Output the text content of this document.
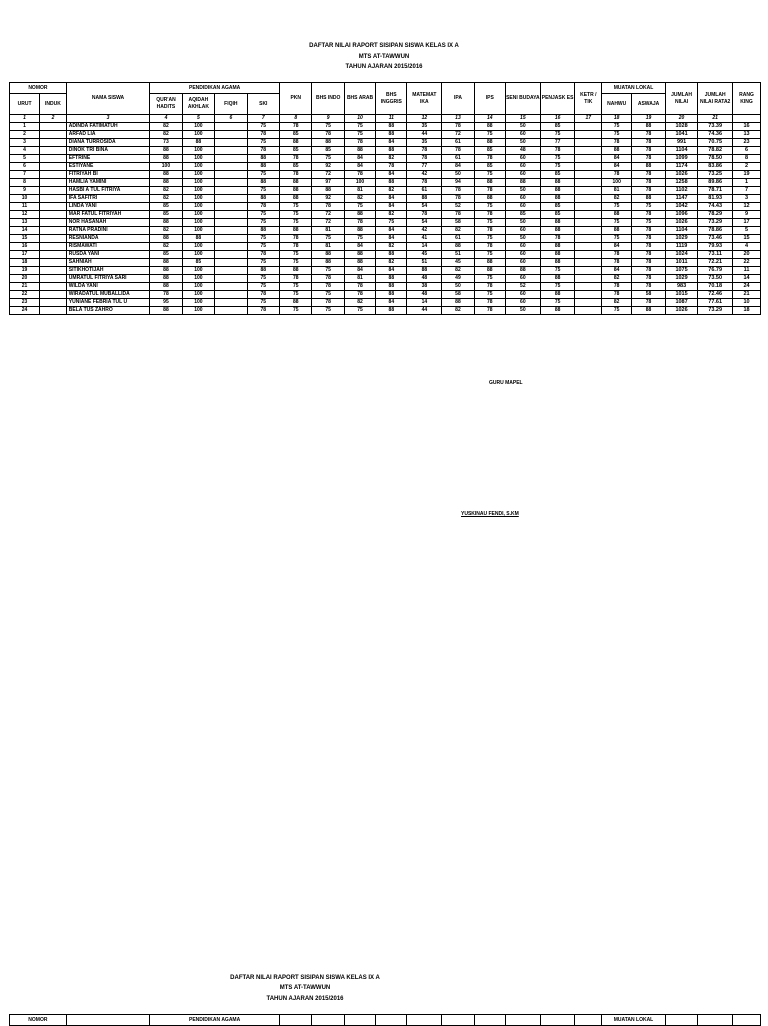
DAFTAR NILAI RAPORT SISIPAN SISWA KELAS IX A
MTS AT-TAWWUN
TAHUN AJARAN 2015/2016
NOMOR		NAMA SISWA	PENDIDIKAN AGAMA				PKN	BHS INDO	BHS ARAB	BHS INGGRIS	MATEMAT IKA	IPA	IPS	SENI BUDAYA	PENJASK ES	KETR / TIK	MUATAN LOKAL		JUMLAH NILAI	JUMLAH NILAI RATA2	RANG KING
URUT	INDUK		QUR'AN HADITS	AQIDAH AKHLAK	FIQIH	SKI											NAHWU	ASWAJA			
1	2	3	4	5	6	7	8	9	10	11	12	13	14	15	16	17	18	19	20	21	
1		ADINDA FATIMATUH	82	100		75	78	75	75	88	35	78	88	50	85		75	88	1028	73.39	16
2		ARFAD LIA	82	100		78	85	78	75	88	44	72	75	60	75		75	78	1041	74.36	13
3		DIANA TURROSIDA	73	88		75	88	88	78	84	35	61	88	50	77		78	78	991	70.75	23
4		DINOK TRI BINA	88	100		78	85	85	88	88	78	78	85	48	78		88	78	1104	78.82	6
5		EFTRINE	88	100		88	78	75	84	82	78	61	78	60	75		84	78	1099	78.50	8
6		ESTIYANE	100	100		88	85	92	84	78	77	84	85	60	75		84	88	1174	83.86	2
7		FITRIYAH BI	88	100		75	78	72	78	84	42	50	75	60	85		78	78	1026	73.25	19
8		HAMLIA YAMINI	88	100		88	88	97	100	88	78	94	88	88	88		100	78	1258	89.86	1
9		HASBI A TUL FITRIYA	82	100		75	88	88	81	82	61	78	78	50	88		81	78	1102	78.71	7
10		IFA SAFITRI	82	100		88	88	92	82	84	88	78	88	60	88		82	88	1147	81.93	3
11		LINDA YANI	85	100		78	75	78	75	84	54	52	75	60	85		75	75	1042	74.43	12
12		MAR FATUL FITRIYAH	85	100		75	75	72	88	82	78	78	78	85	85		88	78	1096	78.29	9
13		NOR HASANAH	88	100		75	75	72	78	75	54	58	75	50	88		75	75	1026	73.29	17
14		RATNA PRADINI	82	100		88	88	81	88	84	42	82	78	60	88		88	78	1104	78.86	5
15		RESNIANDA	88	88		75	78	75	75	84	41	61	75	50	78		75	78	1029	73.46	15
16		RISMAWATI	82	100		75	78	81	84	82	14	88	78	60	88		84	78	1119	79.93	4
17		RUSDA YANI	85	100		78	75	88	88	88	45	51	75	60	88		78	78	1024	73.11	20
18		SAHNIAH	88	85		75	75	88	88	82	51	45	88	60	88		78	78	1011	72.21	22
19		SITIKHOTIJAH	88	100		88	88	75	84	84	88	82	88	88	75		84	78	1075	76.79	11
20		UMRATUL FITRIYA SARI	88	100		75	78	78	81	88	48	49	75	60	88		82	78	1029	73.50	14
21		WILDA YANI	88	100		75	75	78	78	88	38	50	78	52	75		78	78	983	70.18	24
22		WIRADATUL MUBALLIDA	78	100		78	75	75	78	88	48	58	75	60	88		78	58	1015	72.46	21
23		YUNIANE FEBRIA TUL U	95	100		75	88	78	82	84	14	88	78	60	75		82	78	1087	77.61	10
24		BELA TUS ZAHRO	88	100		78	75	75	75	88	44	82	78	50	88		75	88	1026	73.29	18
GURU MAPEL
YUSKINAU FENDI, S.KM
DAFTAR NILAI RAPORT SISIPAN SISWA KELAS IX A
MTS AT-TAWWUN
TAHUN AJARAN 2015/2016
NOMOR		PENDIDIKAN AGAMA											MUATAN LOKAL			
